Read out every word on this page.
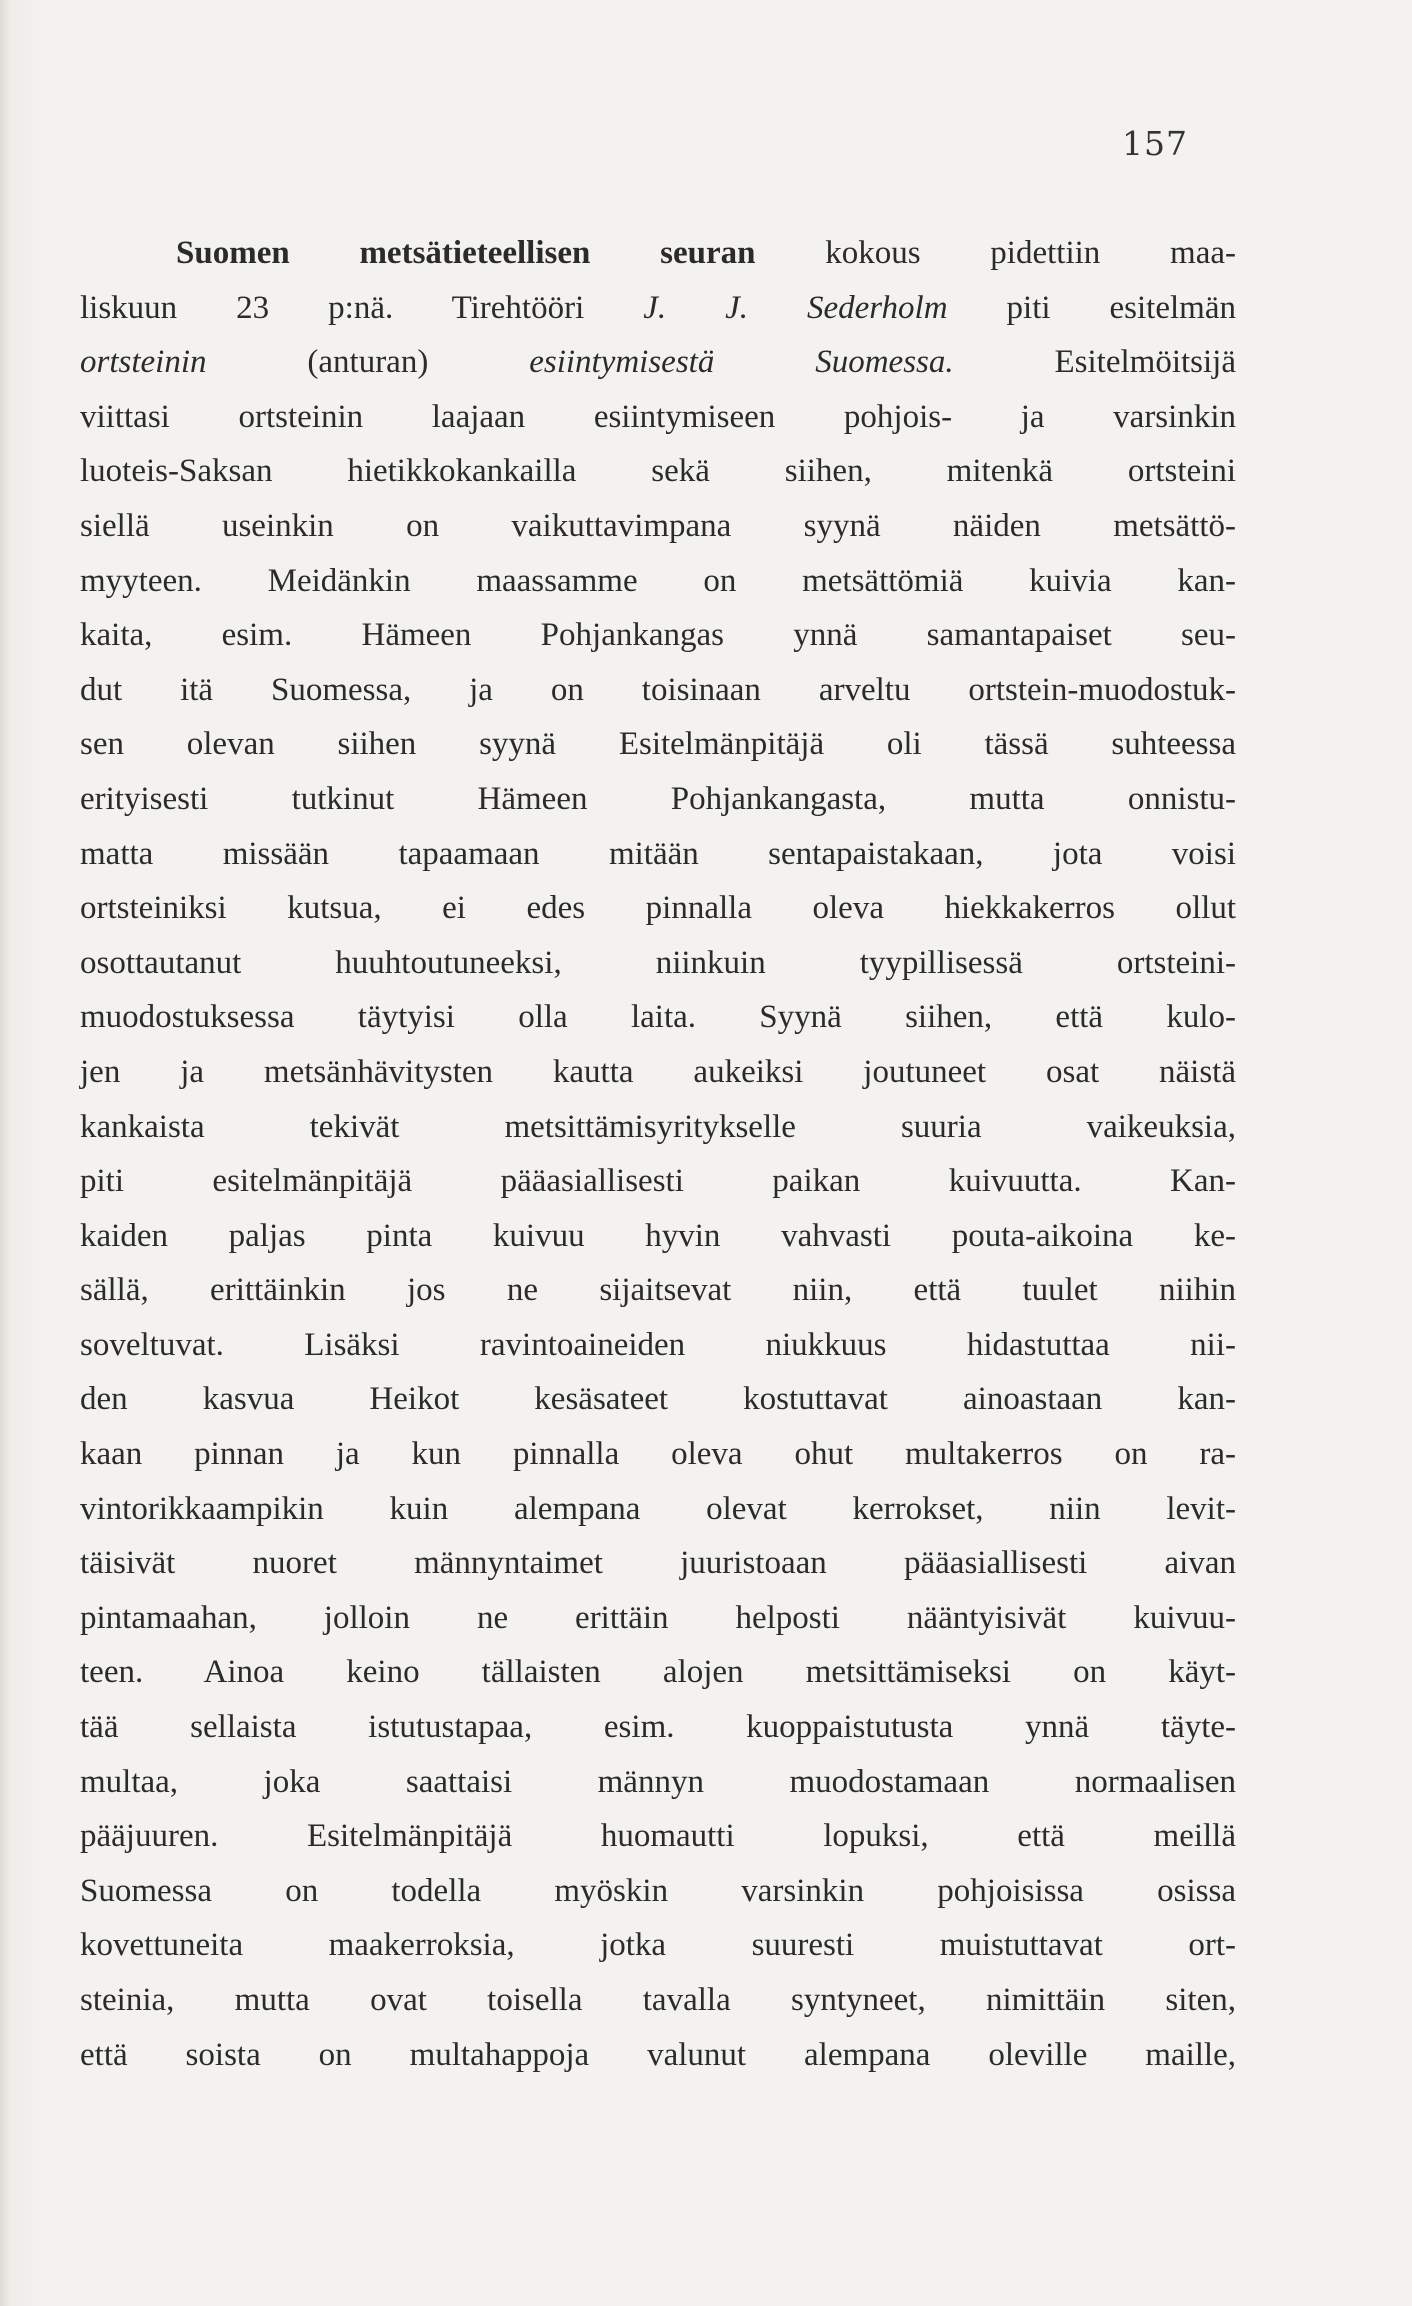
157
Suomen metsätieteellisen seuran kokous pidettiin maa-
liskuun 23 p:nä. Tirehtööri J. J. Sederholm piti esitelmän
ortsteinin (anturan) esiintymisestä Suomessa. Esitelmöitsijä
viittasi ortsteinin laajaan esiintymiseen pohjois- ja varsinkin
luoteis-Saksan hietikkokankailla sekä siihen, mitenkä ortsteini
siellä useinkin on vaikuttavimpana syynä näiden metsättö-
myyteen. Meidänkin maassamme on metsättömiä kuivia kan-
kaita, esim. Hämeen Pohjankangas ynnä samantapaiset seu-
dut itä Suomessa, ja on toisinaan arveltu ortstein-muodostuk-
sen olevan siihen syynä Esitelmänpitäjä oli tässä suhteessa
erityisesti tutkinut Hämeen Pohjankangasta, mutta onnistu-
matta missään tapaamaan mitään sentapaistakaan, jota voisi
ortsteiniksi kutsua, ei edes pinnalla oleva hiekkakerros ollut
osottautanut huuhtoutuneeksi, niinkuin tyypillisessä ortsteini-
muodostuksessa täytyisi olla laita. Syynä siihen, että kulo-
jen ja metsänhävitysten kautta aukeiksi joutuneet osat näistä
kankaista tekivät metsittämisyritykselle suuria vaikeuksia,
piti esitelmänpitäjä pääasiallisesti paikan kuivuutta. Kan-
kaiden paljas pinta kuivuu hyvin vahvasti pouta-aikoina ke-
sällä, erittäinkin jos ne sijaitsevat niin, että tuulet niihin
soveltuvat. Lisäksi ravintoaineiden niukkuus hidastuttaa nii-
den kasvua Heikot kesäsateet kostuttavat ainoastaan kan-
kaan pinnan ja kun pinnalla oleva ohut multakerros on ra-
vintorikkaampikin kuin alempana olevat kerrokset, niin levit-
täisivät nuoret männyntaimet juuristoaan pääasiallisesti aivan
pintamaahan, jolloin ne erittäin helposti nääntyisivät kuivuu-
teen. Ainoa keino tällaisten alojen metsittämiseksi on käyt-
tää sellaista istutustapaa, esim. kuoppaistutusta ynnä täyte-
multaa, joka saattaisi männyn muodostamaan normaalisen
pääjuuren. Esitelmänpitäjä huomautti lopuksi, että meillä
Suomessa on todella myöskin varsinkin pohjoisissa osissa
kovettuneita maakerroksia, jotka suuresti muistuttavat ort-
steinia, mutta ovat toisella tavalla syntyneet, nimittäin siten,
että soista on multahappoja valunut alempana oleville maille,
